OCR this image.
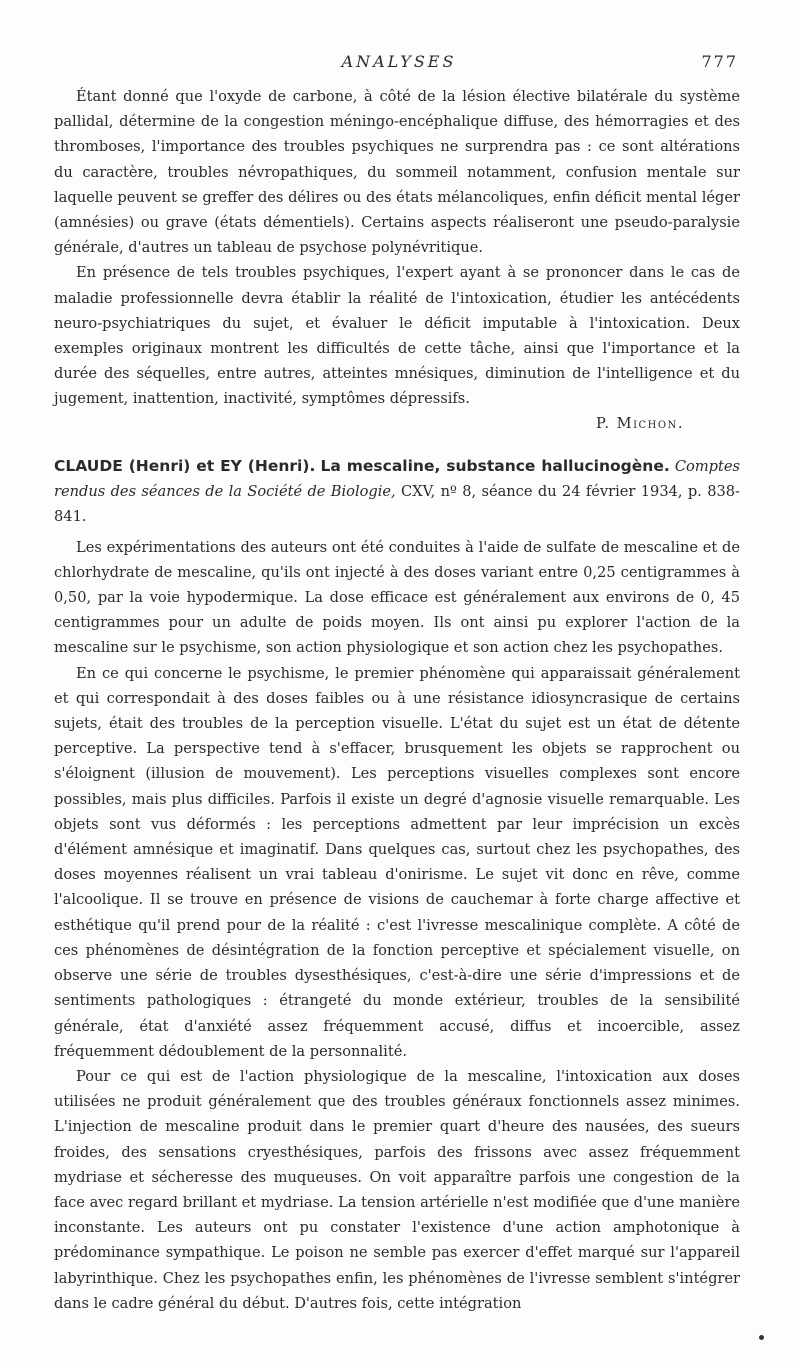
ANALYSES	777

Étant donné que l'oxyde de carbone, à côté de la lésion élective bilatérale du système pallidal, détermine de la congestion méningo-encéphalique diffuse, des hémorragies et des thromboses, l'importance des troubles psychiques ne surprendra pas : ce sont altérations du caractère, troubles névropathiques, du sommeil notamment, confusion mentale sur laquelle peuvent se greffer des délires ou des états mélancoliques, enfin déficit mental léger (amnésies) ou grave (états démentiels). Certains aspects réaliseront une pseudo-paralysie générale, d'autres un tableau de psychose polynévritique.

En présence de tels troubles psychiques, l'expert ayant à se prononcer dans le cas de maladie professionnelle devra établir la réalité de l'intoxication, étudier les antécédents neuro-psychiatriques du sujet, et évaluer le déficit imputable à l'intoxication. Deux exemples originaux montrent les difficultés de cette tâche, ainsi que l'importance et la durée des séquelles, entre autres, atteintes mnésiques, diminution de l'intelligence et du jugement, inattention, inactivité, symptômes dépressifs.

P. Michon.

CLAUDE (Henri) et EY (Henri). La mescaline, substance hallucinogène. Comptes rendus des séances de la Société de Biologie, CXV, nº 8, séance du 24 février 1934, p. 838-841.

Les expérimentations des auteurs ont été conduites à l'aide de sulfate de mescaline et de chlorhydrate de mescaline, qu'ils ont injecté à des doses variant entre 0,25 centigrammes à 0,50, par la voie hypodermique. La dose efficace est généralement aux environs de 0, 45 centigrammes pour un adulte de poids moyen. Ils ont ainsi pu explorer l'action de la mescaline sur le psychisme, son action physiologique et son action chez les psychopathes.

En ce qui concerne le psychisme, le premier phénomène qui apparaissait généralement et qui correspondait à des doses faibles ou à une résistance idiosyncrasique de certains sujets, était des troubles de la perception visuelle. L'état du sujet est un état de détente perceptive. La perspective tend à s'effacer, brusquement les objets se rapprochent ou s'éloignent (illusion de mouvement). Les perceptions visuelles complexes sont encore possibles, mais plus difficiles. Parfois il existe un degré d'agnosie visuelle remarquable. Les objets sont vus déformés : les perceptions admettent par leur imprécision un excès d'élément amnésique et imaginatif. Dans quelques cas, surtout chez les psychopathes, des doses moyennes réalisent un vrai tableau d'onirisme. Le sujet vit donc en rêve, comme l'alcoolique. Il se trouve en présence de visions de cauchemar à forte charge affective et esthétique qu'il prend pour de la réalité : c'est l'ivresse mescalinique complète. A côté de ces phénomènes de désintégration de la fonction perceptive et spécialement visuelle, on observe une série de troubles dysesthésiques, c'est-à-dire une série d'impressions et de sentiments pathologiques : étrangeté du monde extérieur, troubles de la sensibilité générale, état d'anxiété assez fréquemment accusé, diffus et incoercible, assez fréquemment dédoublement de la personnalité.

Pour ce qui est de l'action physiologique de la mescaline, l'intoxication aux doses utilisées ne produit généralement que des troubles généraux fonctionnels assez minimes. L'injection de mescaline produit dans le premier quart d'heure des nausées, des sueurs froides, des sensations cryesthésiques, parfois des frissons avec assez fréquemment mydriase et sécheresse des muqueuses. On voit apparaître parfois une congestion de la face avec regard brillant et mydriase. La tension artérielle n'est modifiée que d'une manière inconstante. Les auteurs ont pu constater l'existence d'une action amphotonique à prédominance sympathique. Le poison ne semble pas exercer d'effet marqué sur l'appareil labyrinthique. Chez les psychopathes enfin, les phénomènes de l'ivresse semblent s'intégrer dans le cadre général du début. D'autres fois, cette intégration
